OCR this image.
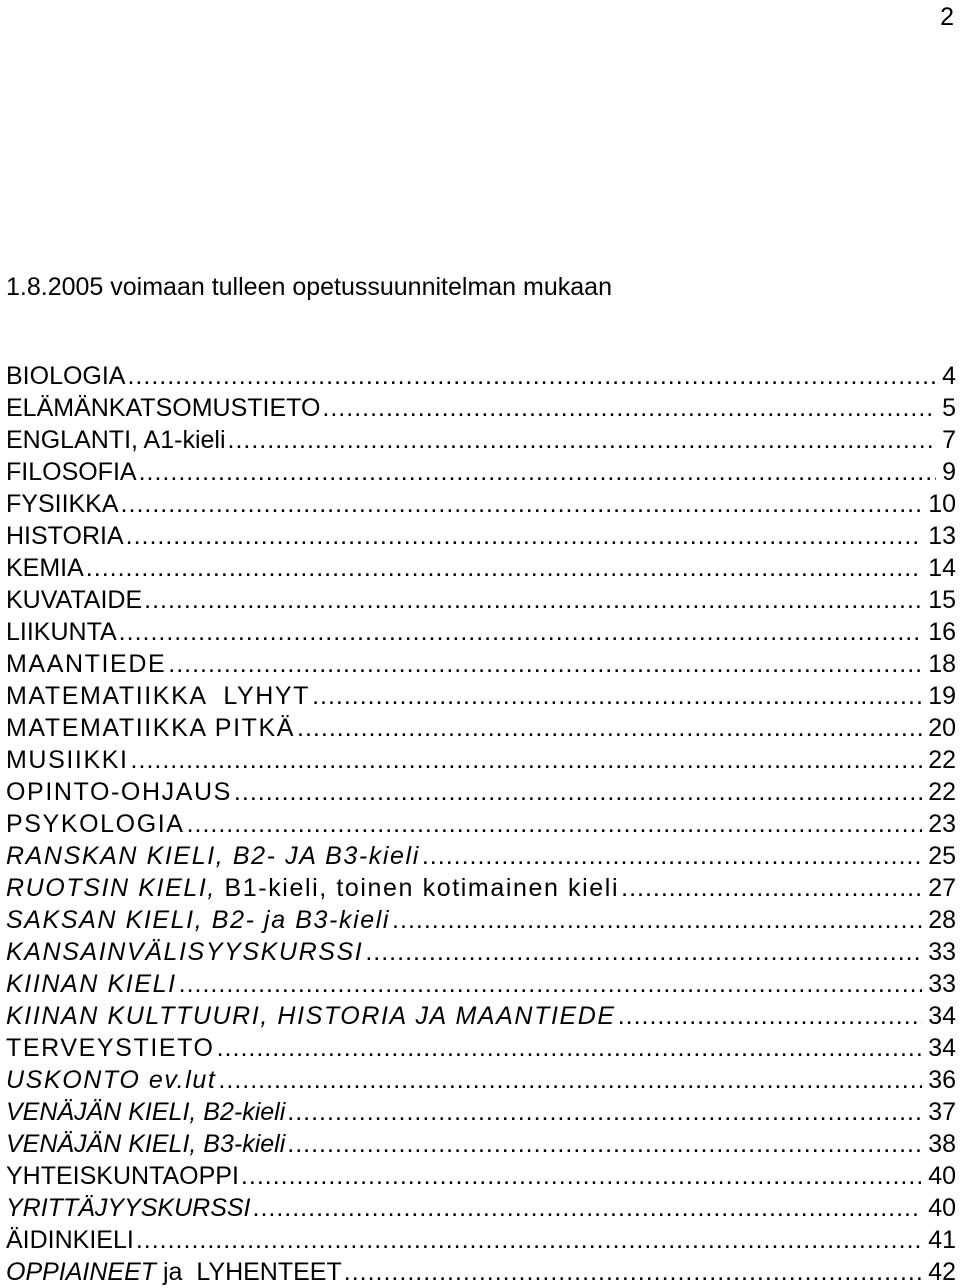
2
1.8.2005 voimaan tulleen opetussuunnitelman mukaan
BIOLOGIA .....	4
ELÄMÄNKATSOMUSTIETO .....	5
ENGLANTI, A1-kieli .....	7
FILOSOFIA .....	9
FYSIIKKA .....	10
HISTORIA .....	13
KEMIA .....	14
KUVATAIDE .....	15
LIIKUNTA .....	16
MAANTIEDE .....	18
MATEMATIIKKA  LYHYT .....	19
MATEMATIIKKA PITKÄ .....	20
MUSIIKKI .....	22
OPINTO-OHJAUS .....	22
PSYKOLOGIA .....	23
RANSKAN KIELI, B2- JA B3-kieli .....	25
RUOTSIN KIELI, B1-kieli, toinen kotimainen kieli .....	27
SAKSAN KIELI, B2- ja B3-kieli .....	28
KANSAINVÄLISYYSKURSSI .....	33
KIINAN KIELI .....	33
KIINAN KULTTUURI, HISTORIA JA MAANTIEDE .....	34
TERVEYSTIETO .....	34
USKONTO ev.lut .....	36
VENÄJÄN KIELI, B2-kieli .....	37
VENÄJÄN KIELI, B3-kieli .....	38
YHTEISKUNTAOPPI .....	40
YRITTÄJYYSKURSSI .....	40
ÄIDINKIELI .....	41
OPPIAINEET ja  LYHENTEET .....	42
